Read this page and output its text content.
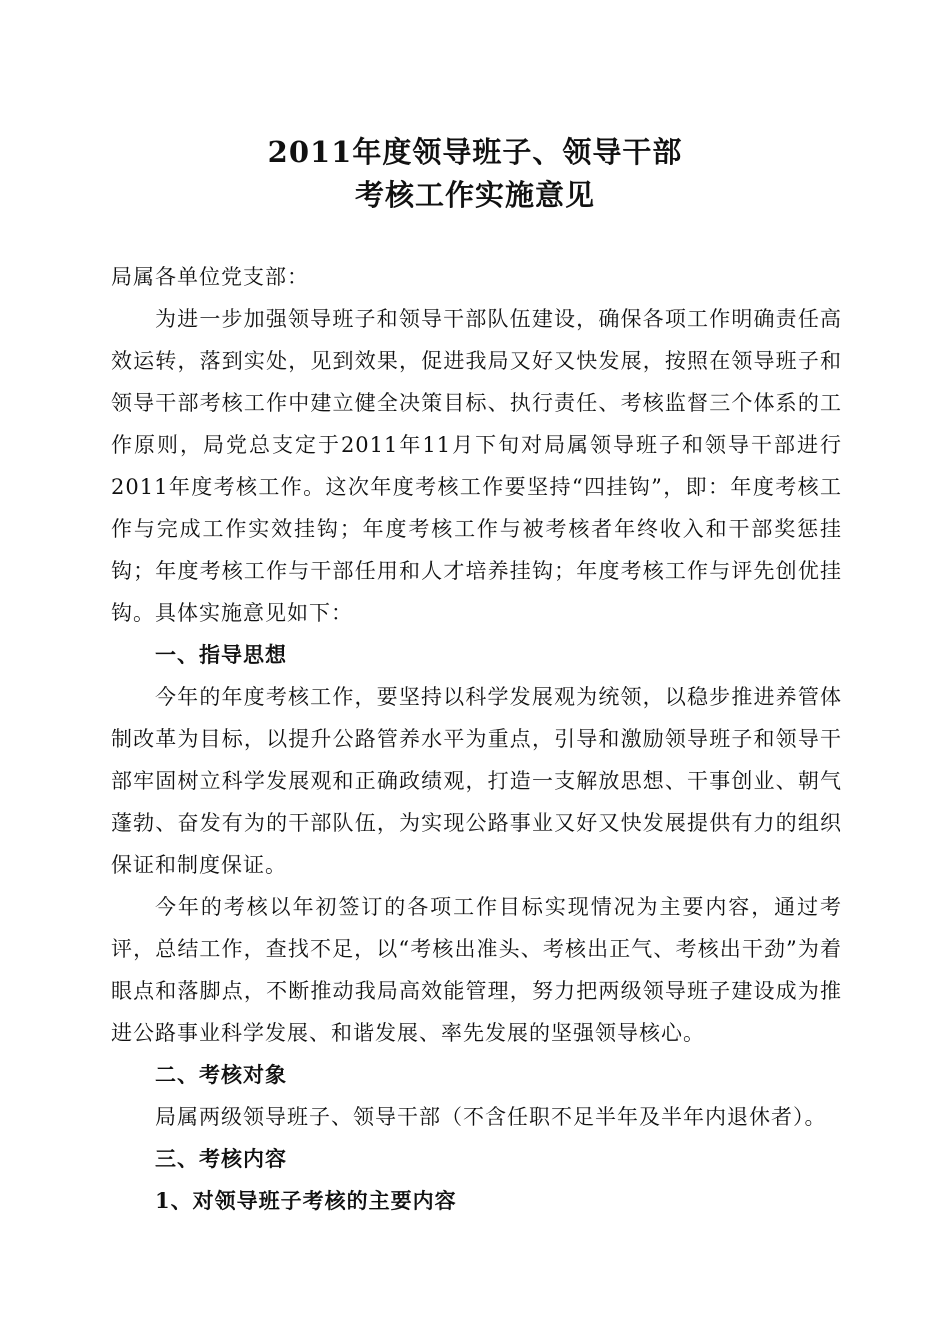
2011年度领导班子、领导干部
考核工作实施意见

局属各单位党支部：

为进一步加强领导班子和领导干部队伍建设，确保各项工作明确责任高效运转，落到实处，见到效果，促进我局又好又快发展，按照在领导班子和领导干部考核工作中建立健全决策目标、执行责任、考核监督三个体系的工作原则，局党总支定于2011年11月下旬对局属领导班子和领导干部进行2011年度考核工作。这次年度考核工作要坚持“四挂钩”，即：年度考核工作与完成工作实效挂钩；年度考核工作与被考核者年终收入和干部奖惩挂钩；年度考核工作与干部任用和人才培养挂钩；年度考核工作与评先创优挂钩。具体实施意见如下：

一、指导思想

今年的年度考核工作，要坚持以科学发展观为统领，以稳步推进养管体制改革为目标，以提升公路管养水平为重点，引导和激励领导班子和领导干部牢固树立科学发展观和正确政绩观，打造一支解放思想、干事创业、朝气蓬勃、奋发有为的干部队伍，为实现公路事业又好又快发展提供有力的组织保证和制度保证。

今年的考核以年初签订的各项工作目标实现情况为主要内容，通过考评，总结工作，查找不足，以“考核出准头、考核出正气、考核出干劲”为着眼点和落脚点，不断推动我局高效能管理，努力把两级领导班子建设成为推进公路事业科学发展、和谐发展、率先发展的坚强领导核心。

二、考核对象

局属两级领导班子、领导干部（不含任职不足半年及半年内退休者）。

三、考核内容

1、对领导班子考核的主要内容
